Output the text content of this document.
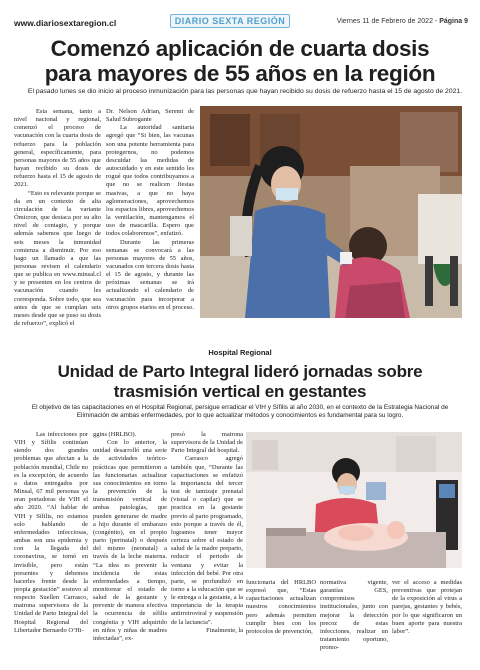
www.diariosextaregion.cl	DIARIO SEXTA REGIÓN	Viernes 11 de Febrero de 2022 - Página 9
Comenzó aplicación de cuarta dosis
para mayores de 55 años en la región
El pasado lunes se dio inicio al proceso inmunización para las personas que hayan recibido su dosis de refuerzo hasta el 15 de agosto de 2021.

Esta semana, tanto a nivel nacional y regional, comenzó el proceso de vacunación con la cuarta dosis de refuerzo para la población general, específicamente, para personas mayores de 55 años que hayan recibido su dosis de refuerzo hasta el 15 de agosto de 2021.

“Esto es relevante porque se da en un contexto de alta circulación de la variante Ómicron, que destaca por su alto nivel de contagio, y porque además sabemos que luego de seis meses la inmunidad comienza a disminuir. Por eso hago un llamado a que las personas revisen el calendario que se publica en www.minsal.cl y se presenten en los centros de vacunación cuando les corresponda. Sobre todo, que sea antes de que se cumplan seis meses desde que se puso su dosis de refuerzo”, explicó el

Dr. Nelson Adrian, Seremi de Salud Subrogante

La autoridad sanitaria agregó que “Si bien, las vacunas son una potente herramienta para protegernos, no podemos descuidar las medidas de autocuidado y en este sentido les rogué que todos contribuyamos a que no se realicen fiestas masivas, a que no haya aglomeraciones, aprovechemos los espacios libres, aprovechemos la ventilación, mantengamos el uso de mascarilla. Espero que todos colaboremos”, enfatizó.

Durante las primeras semanas se convocará a las personas mayores de 55 años, vacunados con tercera dosis hasta el 15 de agosto, y durante las próximas semanas se irá actualizando el calendario de vacunación para incorporar a otros grupos etarios en el proceso.

Hospital Regional
Unidad de Parto Integral lideró jornadas sobre
trasmisión vertical en gestantes
El objetivo de las capacitaciones en el Hospital Regional, persigue erradicar el VIH y Sífilis al año 2030, en el contexto de la Estrategia Nacional de Eliminación de ambas enfermedades, por lo que actualizar métodos y conocimientos es fundamental para su logro.

Las infecciones por VIH y Sífilis continúan siendo dos grandes problemas que afectan a la población mundial, Chile no es la excepción, de acuerdo a datos entregados por Minsal, 67 mil personas ya eran portadoras de VIH el año 2020. “Al hablar de VIH y Sífilis, no estamos solo hablando de enfermedades infecciosas, ambas son una epidemia y con la llegada del coronavirus, se tornó en invisible, pero están presentes y debemos hacerles frente desde la propia gestación” sostuvo al respecto Suellen Carrasco, matrona supervisora de la Unidad de Parto Integral del Hospital Regional del Libertador Bernardo O’Hi-

ggins (HRLBO).

Con lo anterior, la unidad desarrolló una serie de actividades teórico-prácticas que permitieron a las funcionarias actualizar sus conocimientos en torno la prevención de la transmisión vertical de ambas patologías, que pueden generarse de madre a hijo durante el embarazo (congénito), en el propio parto (perinatal) o después del mismo (neonatal) a través de la leche materna. “La idea es prevenir la incidencia de estas enfermedades a tiempo, monitorear el estado de salud de la gestante y prevenir de manera efectiva la ocurrencia de sífilis congénita y VIH adquirido en niños y niñas de madres infectadas”, ex-

presó la matrona supervisora de la Unidad de Parto Integral del hospital.

Carrasco agregó también que, “Durante las capacitaciones se enfatizó la importancia del tercer test de tamizaje prenatal (visual o capilar) que se practica en la gestante previo al parto programado, esto porque a través de él, logramos tener mayor certeza sobre el estado de salud de la madre preparto, reducir el periodo de ventana y evitar la infección del bebé. Por otra parte, se profundizó en torno a la educación que se le entrega a la gestante, a la importancia de la terapia antirretroviral y suspensión de la lactancia”.

Finalmente, la

funcionaria del HRLBO expresó que, “Estas capacitaciones actualizan nuestros conocimientos pero además permiten cumplir bien con los protocolos de prevención,

normativa vigente, garantías GES, compromisos institucionales, junto con mejorar la detección precoz de estas infecciones, realizar un tratamiento oportuno, promo-

ver el acceso a medidas preventivas que protejan de la exposición al virus a parejas, gestantes y bebés, por lo que significaron un buen aporte para nuestra labor”.
